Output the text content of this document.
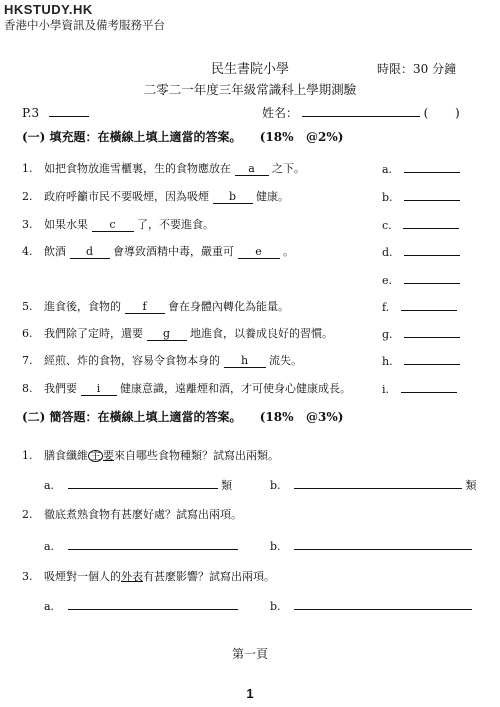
HKSTUDY.HK
香港中小學資訊及備考服務平台
民生書院小學	時限：30 分鐘
二零二一年度三年級常識科上學期測驗
P.3	姓名：	(       )
(一) 填充題：在橫線上填上適當的答案。 (18%   @2%)
1. 如把食物放進雪櫃裏，生的食物應放在 a 之下。	a.
2. 政府呼籲市民不要吸煙，因為吸煙 b 健康。	b.
3. 如果水果 c 了，不要進食。	c.
4. 飲酒 d 會導致酒精中毒，嚴重可 e 。	d.
e.
5. 進食後，食物的 f 會在身體內轉化為能量。	f.
6. 我們除了定時，還要 g 地進食，以養成良好的習慣。	g.
7. 經煎、炸的食物，容易令食物本身的 h 流失。	h.
8. 我們要 i 健康意識，遠離煙和酒，才可使身心健康成長。	i.
(二) 簡答題：在橫線上填上適當的答案。 (18%   @3%)
1. 膳食纖維 主 要來自哪些食物種類？試寫出兩類。
a.	類	b.	類
2. 徹底煮熟食物有甚麼好處？試寫出兩項。
a.	b.
3. 吸煙對一個人的外表有甚麼影響？試寫出兩項。
a.	b.
第一頁
1
